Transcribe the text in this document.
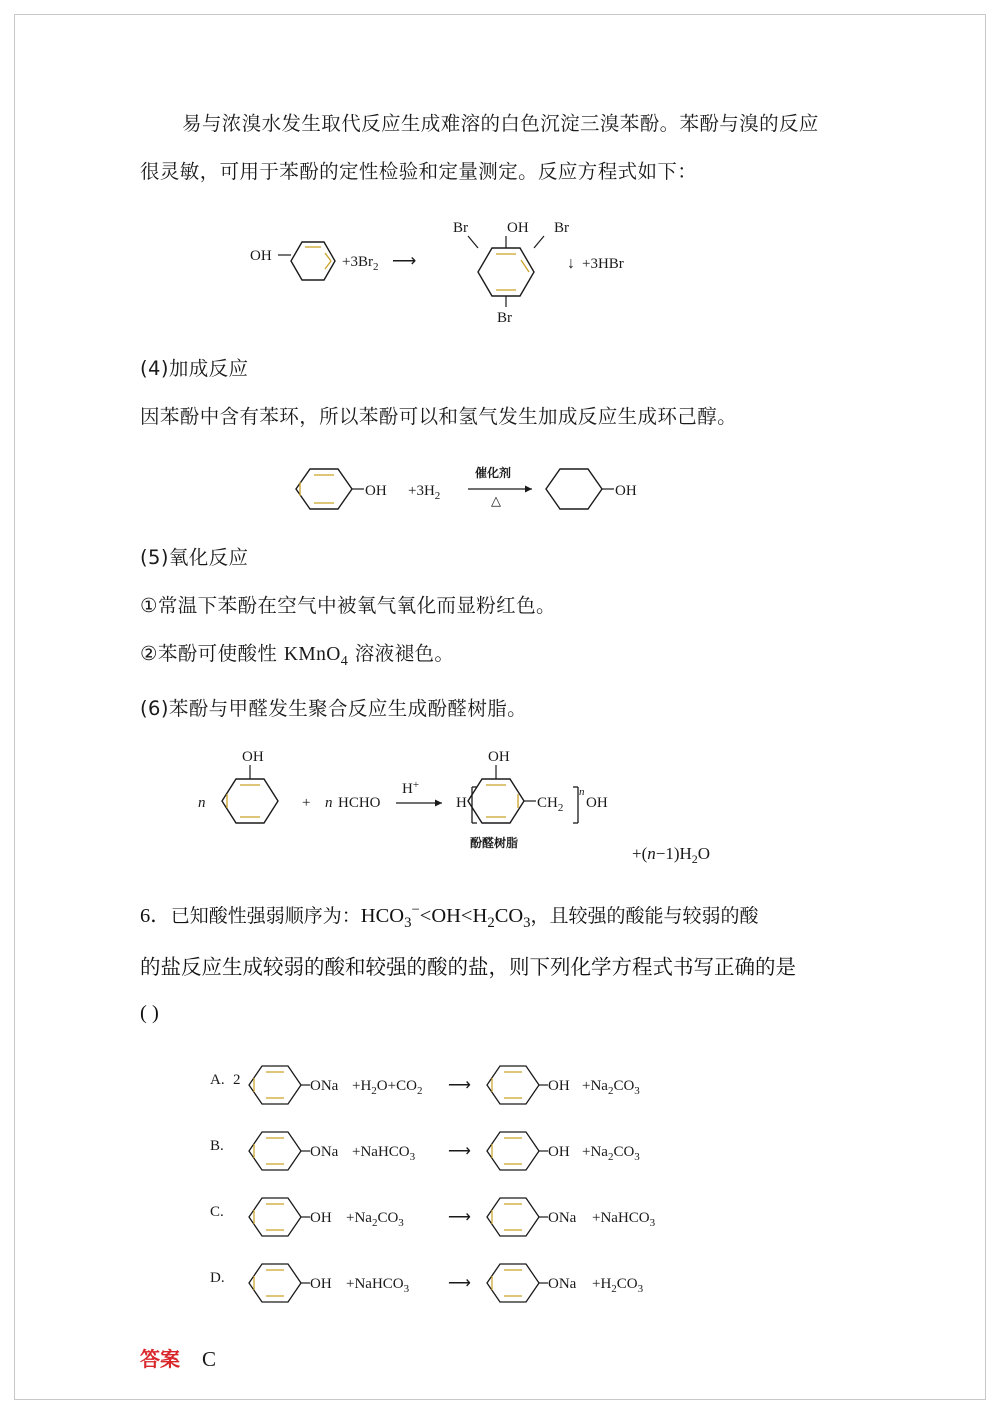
易与浓溴水发生取代反应生成难溶的白色沉淀三溴苯酚。苯酚与溴的反应

很灵敏，可用于苯酚的定性检验和定量测定。反应方程式如下：

OH	$+3Br_2$ ⟶
Br	OH Br
Br
↓ +3HBr

(4)加成反应

因苯酚中含有苯环，所以苯酚可以和氢气发生加成反应生成环己醇。

OH $+3H_2$
催化剂
△
OH

(5)氧化反应

①常温下苯酚在空气中被氧气氧化而显粉红色。

②苯酚可使酸性 KMnO$_4$ 溶液褪色。

(6)苯酚与甲醛发生聚合反应生成酚醛树脂。

n
OH
+ n HCHO
H+
OH
H	$CH_2$
n
OH
酚醛树脂
$+(n-1)H_2O$

6．已知酸性强弱顺序为：$HCO_3^-<OH<H_2CO_3$，且较强的酸能与较弱的酸

的盐反应生成较弱的酸和较强的酸的盐，则下列化学方程式书写正确的是

( )

A. 2	ONa $+H_2O+CO_2$ ⟶	OH $+Na_2CO_3$
B.	ONa +NaHCO$_3$ ⟶	OH $+Na_2CO_3$
C.	OH $+Na_2CO_3$	⟶	ONa +NaHCO$_3$
D.	OH +NaHCO$_3$ ⟶	ONa $+H_2CO_3$
答案 C
